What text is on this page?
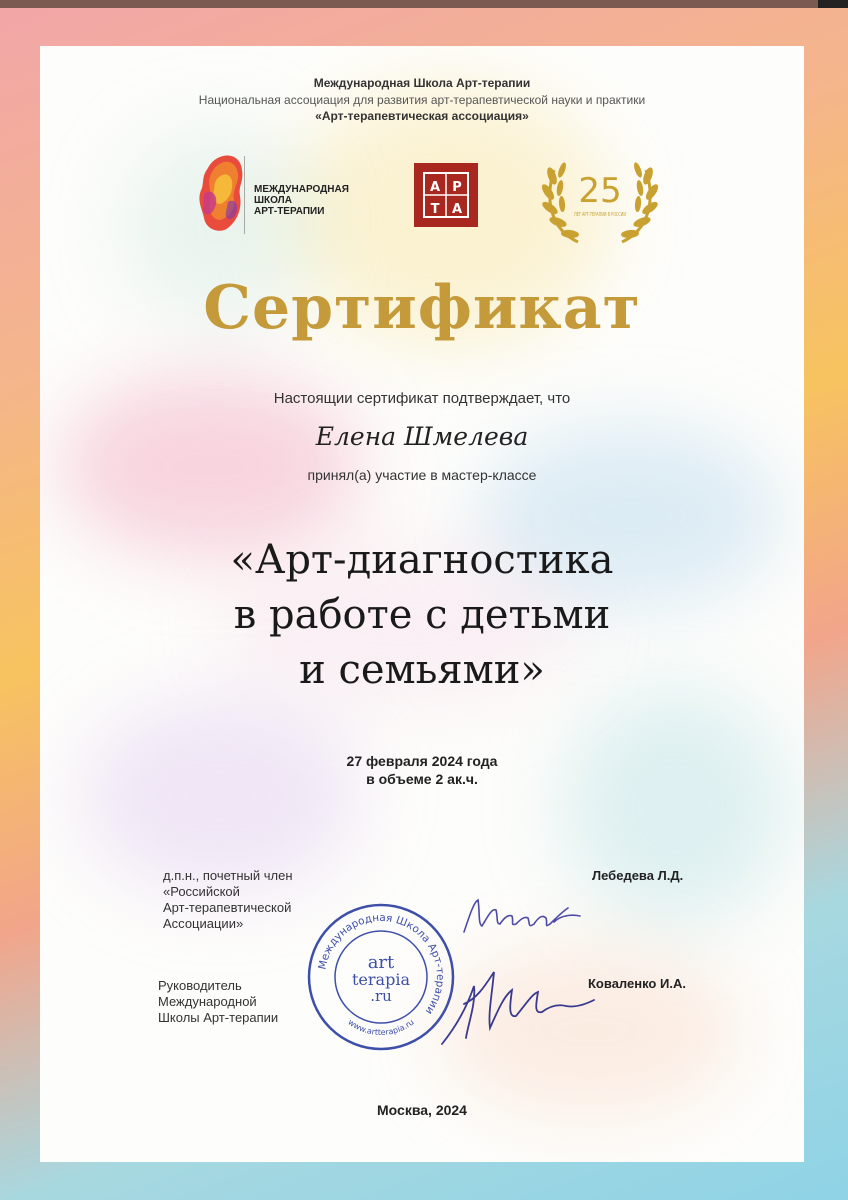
Международная Школа Арт-терапии

Национальная ассоциация для развития арт-терапевтической науки и практики

«Арт-терапевтическая ассоциация»

МЕЖДУНАРОДНАЯ
ШКОЛА
АРТ-ТЕРАПИИ
А Р
Т А	25
ЛЕТ АРТ-ТЕРАПИИ В РОССИИ
Сертификат

Настоящии сертификат подтверждает, что

Елена Шмелева

принял(а) участие в мастер-классе

«Арт-диагностика
в работе с детьми
и семьями»
27 февраля 2024 года
в объеме 2 ак.ч.
д.п.н., почетный член
«Российской
Арт-терапевтической
Ассоциации»
Лебедева Л.Д.
Руководитель
Международной
Школы Арт-терапии
Коваленко И.А.
Международная Школа Арт-терапии
www.artterapia.ru
art
terapia
.ru

Москва, 2024
